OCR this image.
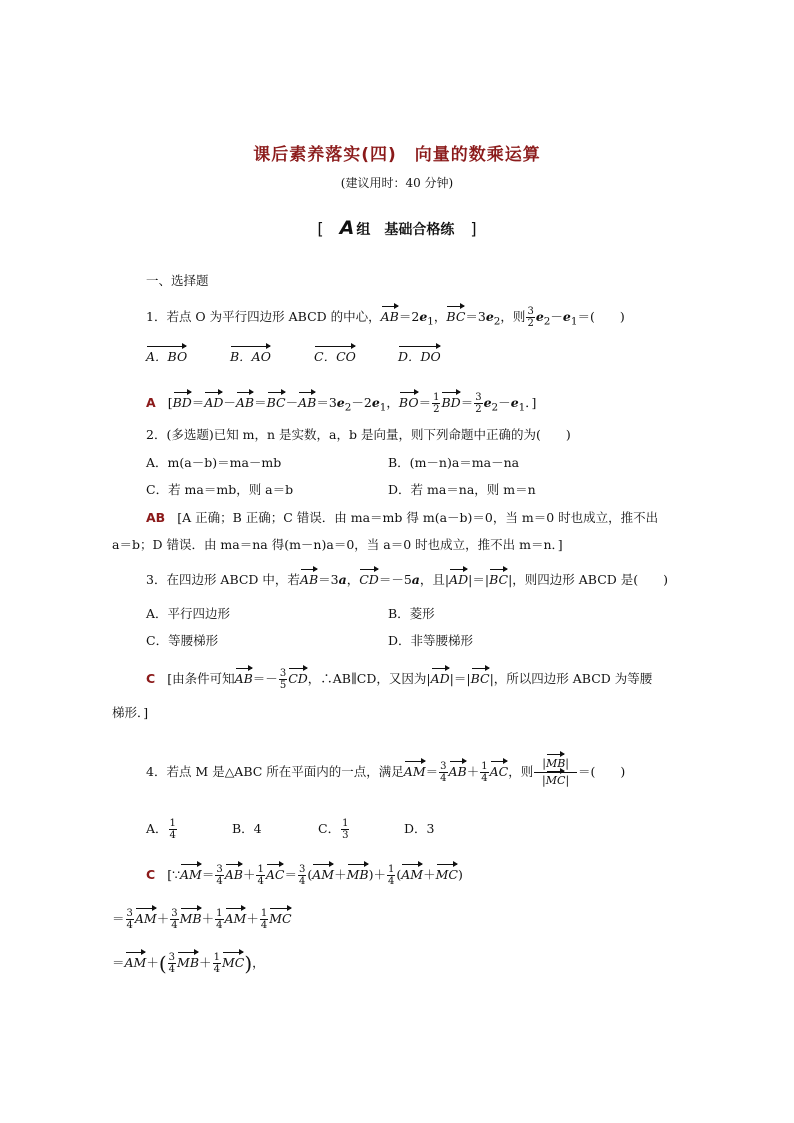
课后素养落实(四) 向量的数乘运算
(建议用时：40 分钟)
[　A 组　基础合格练　]
一、选择题
1．若点 O 为平行四边形 ABCD 的中心，$AB=2e_1$，$BC=3e_2$，则 $\frac{3}{2} e_2-e_1=$(　　)
A．BO	B．AO	C．CO	D．DO
A [$BD=AD-AB=BC-AB=3e_2-2e_1$，$BO= \frac{1}{2} BD= \frac{3}{2} e_2-e_1$．]
2．(多选题)已知 m，n 是实数，a，b 是向量，则下列命题中正确的为(　　)
A．m(a－b)＝ma－mb	B．(m－n)a＝ma－na
C．若 ma＝mb，则 a＝b	D．若 ma＝na，则 m＝n
AB [A 正确；B 正确；C 错误．由 ma＝mb 得 m(a－b)＝0，当 m＝0 时也成立，推不出
a＝b；D 错误．由 ma＝na 得(m－n)a＝0，当 a＝0 时也成立，推不出 m＝n．]
3．在四边形 ABCD 中，若AB＝3a，CD＝－5a，且|AD|＝|BC|，则四边形 ABCD 是(　　)
A．平行四边形	B．菱形
C．等腰梯形	D．非等腰梯形
C [由条件可知$AB=- \frac{3}{5}$ CD，∴AB∥CD，又因为|AD|＝|BC|，所以四边形 ABCD 为等腰
梯形．]
4．若点 M 是△ABC 所在平面内的一点，满足$AM= \frac{3}{4} AB+ \frac{1}{4}$ AC，则 $\frac{|MB|}{|MC|}$ ＝(　　)
A． $\frac{1}{4}$	B．4	C． $\frac{1}{3}$	D．3
C [∵AM＝ $\frac{3}{4} AB+ \frac{1}{4} AC= \frac{3}{4} (AM+MB)+ \frac{1}{4} (AM+MC)$
＝ $\frac{3}{4} AM+ \frac{3}{4} MB+ \frac{1}{4} AM+ \frac{1}{4}$ MC
$=AM+( \frac{3}{4} MB+ \frac{1}{4} MC)$，
